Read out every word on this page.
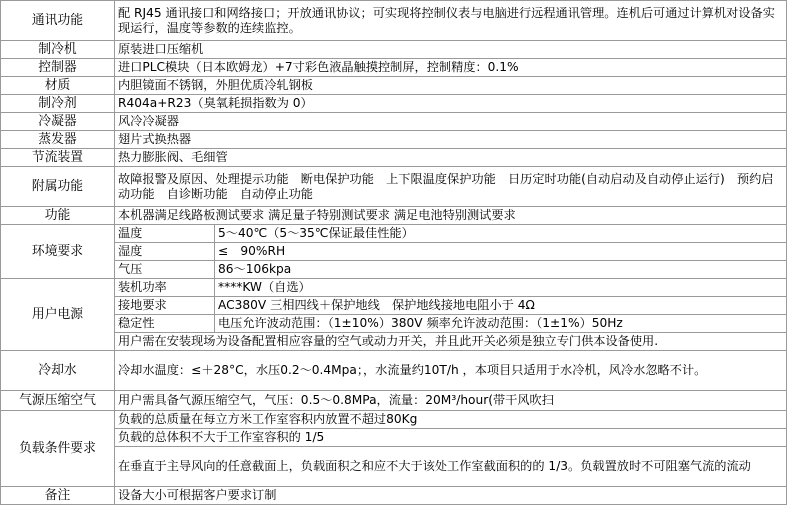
通讯功能	配 RJ45 通讯接口和网络接口；开放通讯协议；可实现将控制仪表与电脑进行远程通讯管理。连机后可通过计算机对设备实现运行，温度等参数的连续监控。	
制冷机	原装进口压缩机	
控制器	进口PLC模块（日本欧姆龙）+7寸彩色液晶触摸控制屏，控制精度：0.1%	
材质	内胆镜面不锈钢，外胆优质冷轧钢板	
制冷剂	R404a+R23（臭氧耗损指数为 0）	
冷凝器	风冷冷凝器	
蒸发器	翅片式换热器	
节流装置	热力膨胀阀、毛细管	
附属功能	故障报警及原因、处理提示功能　断电保护功能　上下限温度保护功能　日历定时功能(自动启动及自动停止运行)　预约启动功能　自诊断功能　自动停止功能	
功能	本机器满足线路板测试要求 满足量子特别测试要求 满足电池特别测试要求	
环境要求	温度	5～40℃（5～35℃保证最佳性能）
	湿度	≤　90%RH
	气压	86～106kpa
用户电源	装机功率	****KW（自选）
	接地要求	AC380V 三相四线＋保护地线　保护地线接地电阻小于 4Ω
	稳定性	电压允许波动范围：（1±10%）380V 频率允许波动范围：（1±1%）50Hz
	用户需在安装现场为设备配置相应容量的空气或动力开关，并且此开关必须是独立专门供本设备使用.	
冷却水	冷却水温度：≤＋28°C，水压0.2～0.4Mpa；，水流量约10T/h ，本项目只适用于水冷机，风冷水忽略不计。	
气源压缩空气	用户需具备气源压缩空气，气压：0.5～0.8MPa，流量：20M³/hour(带干风吹扫	
负载条件要求	负载的总质量在每立方米工作室容积内放置不超过80Kg	
	负载的总体积不大于工作室容积的 1/5	
	在垂直于主导风向的任意截面上，负载面积之和应不大于该处工作室截面积的的 1/3。负载置放时不可阻塞气流的流动	
备注	设备大小可根据客户要求订制	
